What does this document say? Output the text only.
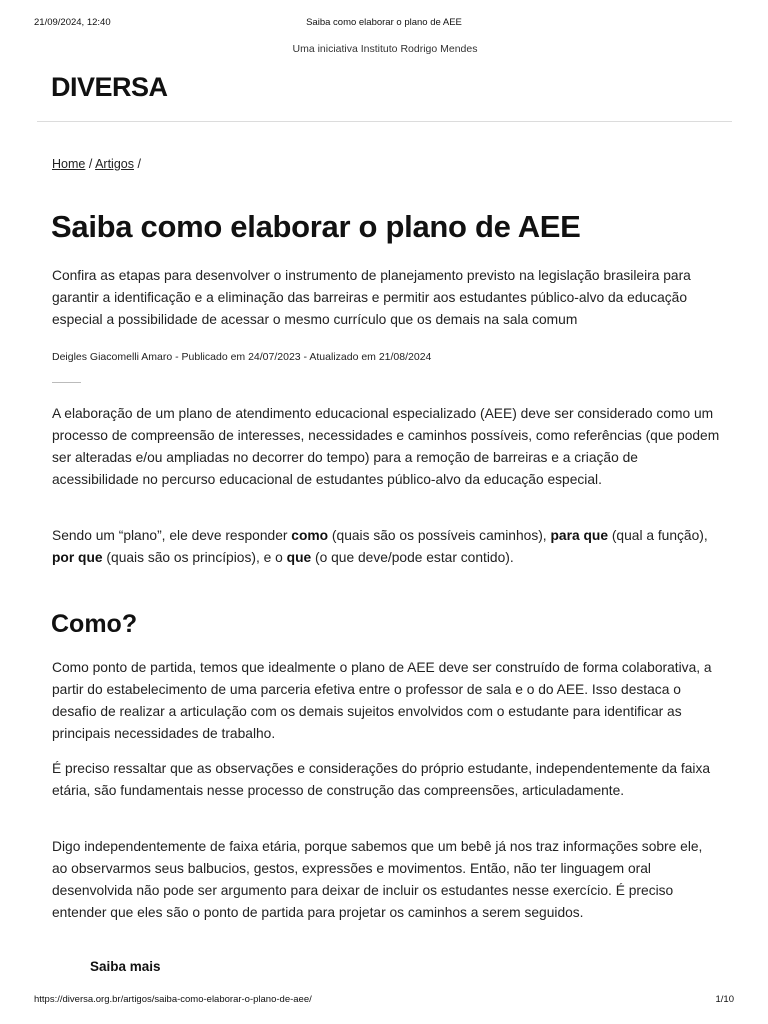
21/09/2024, 12:40	Saiba como elaborar o plano de AEE
Uma iniciativa Instituto Rodrigo Mendes
DIVERSA
Home / Artigos /
Saiba como elaborar o plano de AEE

Confira as etapas para desenvolver o instrumento de planejamento previsto na legislação brasileira para garantir a identificação e a eliminação das barreiras e permitir aos estudantes público-alvo da educação especial a possibilidade de acessar o mesmo currículo que os demais na sala comum

Deigles Giacomelli Amaro - Publicado em 24/07/2023 - Atualizado em 21/08/2024

A elaboração de um plano de atendimento educacional especializado (AEE) deve ser considerado como um processo de compreensão de interesses, necessidades e caminhos possíveis, como referências (que podem ser alteradas e/ou ampliadas no decorrer do tempo) para a remoção de barreiras e a criação de acessibilidade no percurso educacional de estudantes público-alvo da educação especial.

Sendo um “plano”, ele deve responder como (quais são os possíveis caminhos), para que (qual a função), por que (quais são os princípios), e o que (o que deve/pode estar contido).

Como?

Como ponto de partida, temos que idealmente o plano de AEE deve ser construído de forma colaborativa, a partir do estabelecimento de uma parceria efetiva entre o professor de sala e o do AEE. Isso destaca o desafio de realizar a articulação com os demais sujeitos envolvidos com o estudante para identificar as principais necessidades de trabalho.

É preciso ressaltar que as observações e considerações do próprio estudante, independentemente da faixa etária, são fundamentais nesse processo de construção das compreensões, articuladamente.

Digo independentemente de faixa etária, porque sabemos que um bebê já nos traz informações sobre ele, ao observarmos seus balbucios, gestos, expressões e movimentos. Então, não ter linguagem oral desenvolvida não pode ser argumento para deixar de incluir os estudantes nesse exercício. É preciso entender que eles são o ponto de partida para projetar os caminhos a serem seguidos.

Saiba mais
https://diversa.org.br/artigos/saiba-como-elaborar-o-plano-de-aee/	1/10
